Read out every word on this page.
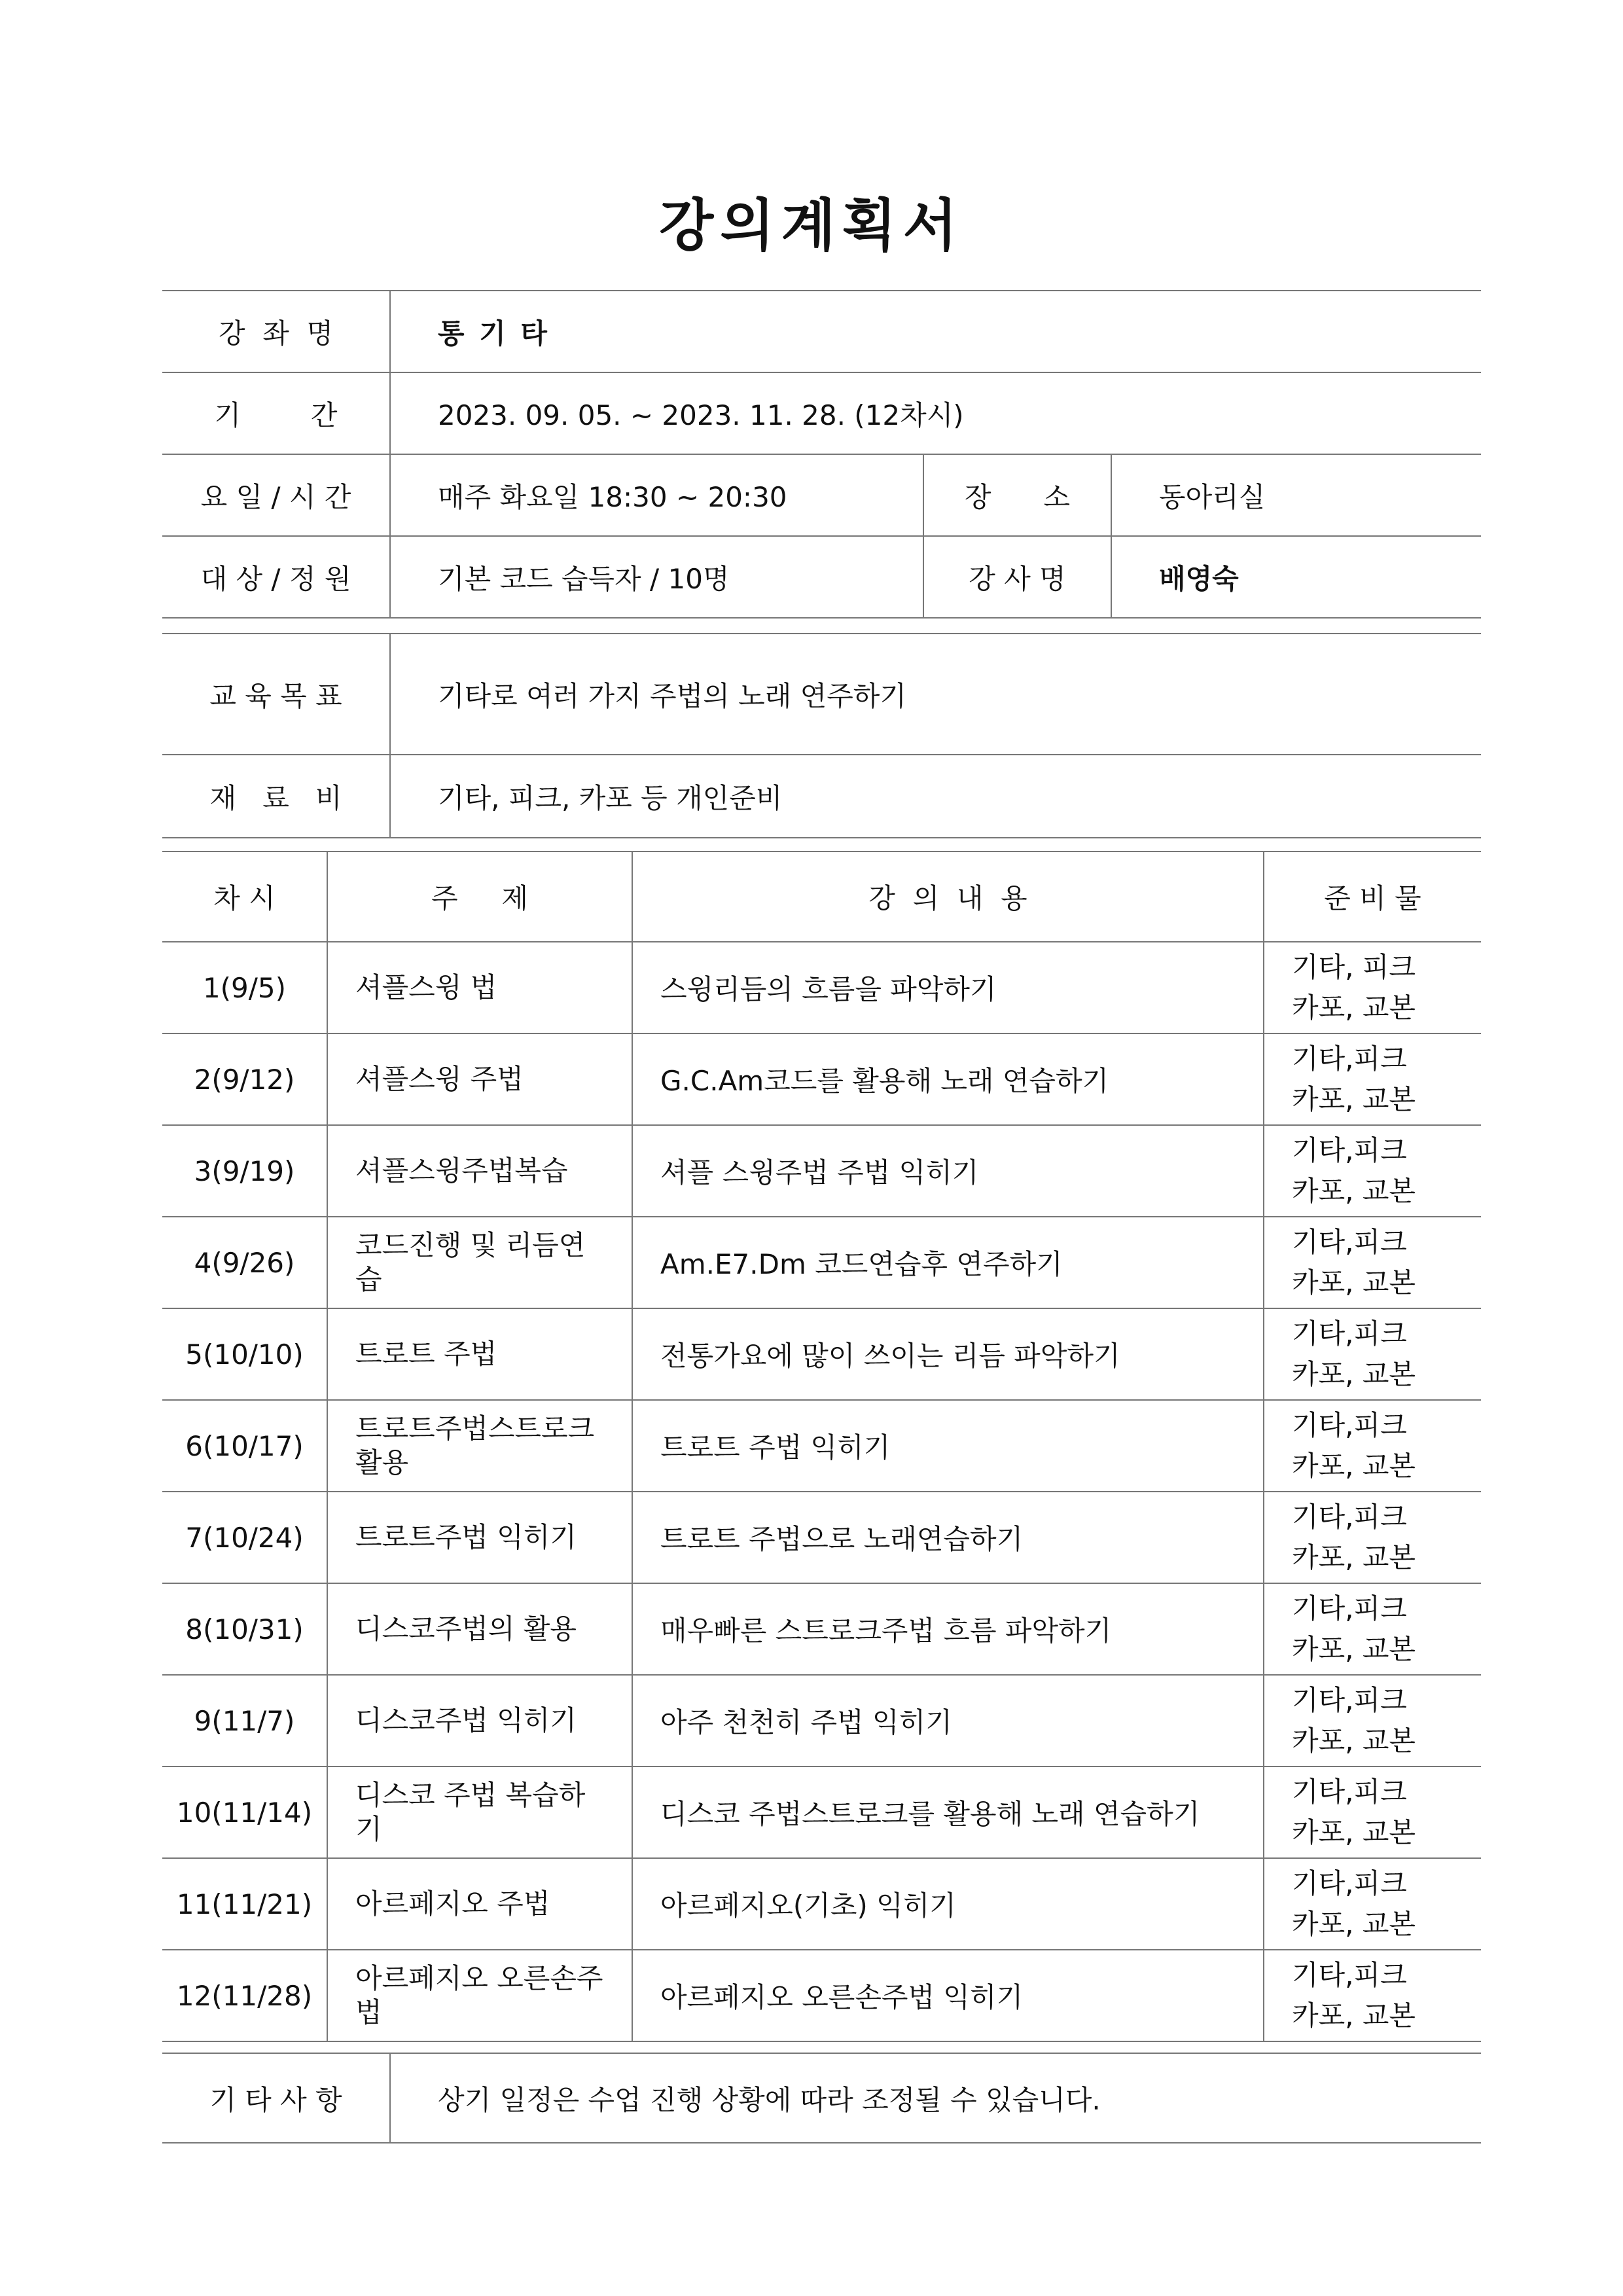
강의계획서
강  좌  명	통 기 타		
기        간	2023. 09. 05. ~ 2023. 11. 28. (12차시)		
요 일 / 시 간	매주 화요일 18:30 ~ 20:30	장      소	동아리실
대 상 / 정 원	기본 코드 습득자 / 10명	강 사 명	배영숙
교 육 목 표	기타로 여러 가지 주법의 노래 연주하기
재   료   비	기타, 피크, 카포 등 개인준비
차 시	주     제	강  의  내  용	준 비 물
1(9/5)	셔플스윙 법	스윙리듬의 흐름을 파악하기	기타, 피크
카포, 교본
2(9/12)	셔플스윙 주법	G.C.Am코드를 활용해 노래 연습하기	기타,피크
카포, 교본
3(9/19)	셔플스윙주법복습	셔플 스윙주법 주법 익히기	기타,피크
카포, 교본
4(9/26)	코드진행 및 리듬연습	Am.E7.Dm 코드연습후 연주하기	기타,피크
카포, 교본
5(10/10)	트로트 주법	전통가요에 많이 쓰이는 리듬 파악하기	기타,피크
카포, 교본
6(10/17)	트로트주법스트로크활용	트로트 주법 익히기	기타,피크
카포, 교본
7(10/24)	트로트주법 익히기	트로트 주법으로 노래연습하기	기타,피크
카포, 교본
8(10/31)	디스코주법의 활용	매우빠른 스트로크주법 흐름 파악하기	기타,피크
카포, 교본
9(11/7)	디스코주법 익히기	아주 천천히 주법 익히기	기타,피크
카포, 교본
10(11/14)	디스코 주법 복습하기	디스코 주법스트로크를 활용해 노래 연습하기	기타,피크
카포, 교본
11(11/21)	아르페지오 주법	아르페지오(기초) 익히기	기타,피크
카포, 교본
12(11/28)	아르페지오 오른손주법	아르페지오 오른손주법 익히기	기타,피크
카포, 교본
기 타 사 항	상기 일정은 수업 진행 상황에 따라 조정될 수 있습니다.
